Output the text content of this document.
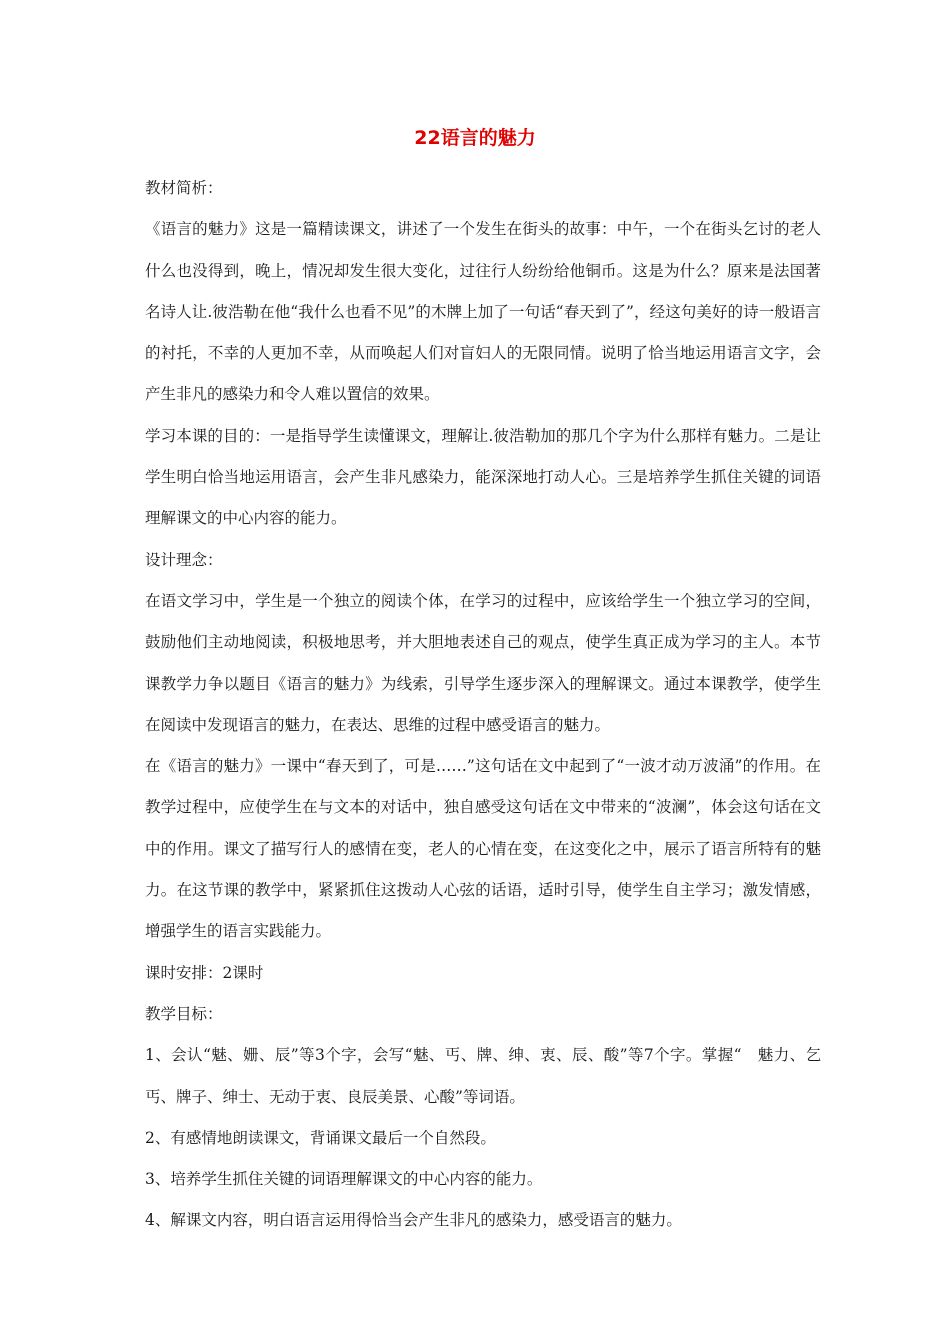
22语言的魅力

教材简析：

《语言的魅力》这是一篇精读课文，讲述了一个发生在街头的故事：中午，一个在街头乞讨的老人什么也没得到，晚上，情况却发生很大变化，过往行人纷纷给他铜币。这是为什么？原来是法国著名诗人让.彼浩勒在他“我什么也看不见”的木牌上加了一句话“春天到了”，经这句美好的诗一般语言的衬托，不幸的人更加不幸，从而唤起人们对盲妇人的无限同情。说明了恰当地运用语言文字，会产生非凡的感染力和令人难以置信的效果。

学习本课的目的：一是指导学生读懂课文，理解让.彼浩勒加的那几个字为什么那样有魅力。二是让学生明白恰当地运用语言，会产生非凡感染力，能深深地打动人心。三是培养学生抓住关键的词语理解课文的中心内容的能力。

设计理念：

在语文学习中，学生是一个独立的阅读个体，在学习的过程中，应该给学生一个独立学习的空间，鼓励他们主动地阅读，积极地思考，并大胆地表述自己的观点，使学生真正成为学习的主人。本节课教学力争以题目《语言的魅力》为线索，引导学生逐步深入的理解课文。通过本课教学，使学生在阅读中发现语言的魅力，在表达、思维的过程中感受语言的魅力。

在《语言的魅力》一课中“春天到了，可是……”这句话在文中起到了“一波才动万波涌”的作用。在教学过程中，应使学生在与文本的对话中，独自感受这句话在文中带来的“波澜”，体会这句话在文中的作用。课文了描写行人的感情在变，老人的心情在变，在这变化之中，展示了语言所特有的魅力。在这节课的教学中，紧紧抓住这拨动人心弦的话语，适时引导，使学生自主学习；激发情感，增强学生的语言实践能力。

课时安排：2课时

教学目标：

1、会认“魅、姗、辰”等3个字，会写“魅、丐、牌、绅、衷、辰、酸”等7个字。掌握“　魅力、乞丐、牌子、绅士、无动于衷、良辰美景、心酸”等词语。

2、有感情地朗读课文，背诵课文最后一个自然段。

3、培养学生抓住关键的词语理解课文的中心内容的能力。

4、解课文内容，明白语言运用得恰当会产生非凡的感染力，感受语言的魅力。
